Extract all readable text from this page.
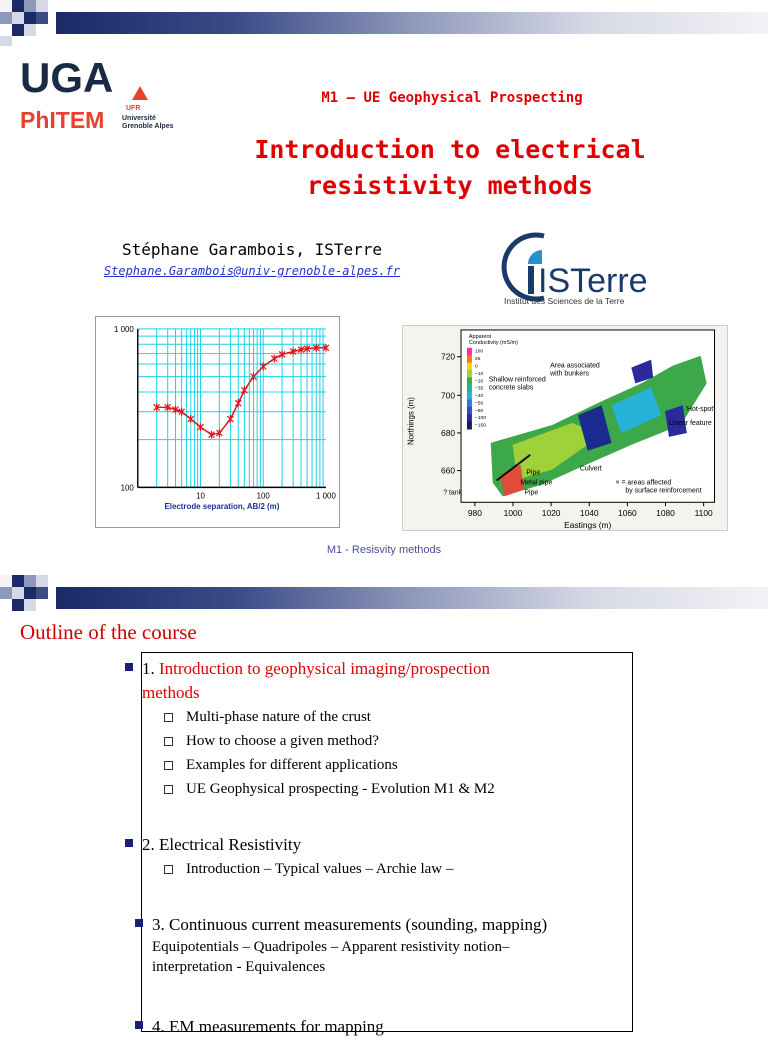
UGA
UFR
PhITEM	Université
Grenoble Alpes
M1 – UE Geophysical Prospecting
Introduction to electrical
resistivity methods
Stéphane Garambois, ISTerre
Stephane.Garambois@univ-grenoble-alpes.fr	ISTerre
Institut des Sciences de la Terre
10	100	1 000
1 000
100
Electrode separation, AB/2 (m)
980	1000 1020 1040 1060 1080 1100
Eastings (m)
720
700
680
660
Northings (m)
Apparent
Conductivity (mS/m)
100
25
0
−10
−20
−35
−40
−50
−60
−100
−150
Shallow reinforced
concrete slabs
Area associated
with bunkers
'Hot-spot'
Linear feature
Pipe
Culvert
Metal pipe
Pipe
? tank
× = areas affected
by surface reinforcement
M1 - Resisvity methods
Outline of the course
1. Introduction to geophysical imaging/prospection
methods
Multi-phase nature of the crust
How to choose a given method?
Examples for different applications
UE Geophysical prospecting - Evolution M1 & M2
2. Electrical Resistivity
Introduction – Typical values – Archie law –
3. Continuous current measurements (sounding, mapping)
Equipotentials – Quadripoles – Apparent resistivity notion–
interpretation - Equivalences
4. EM measurements for mapping
